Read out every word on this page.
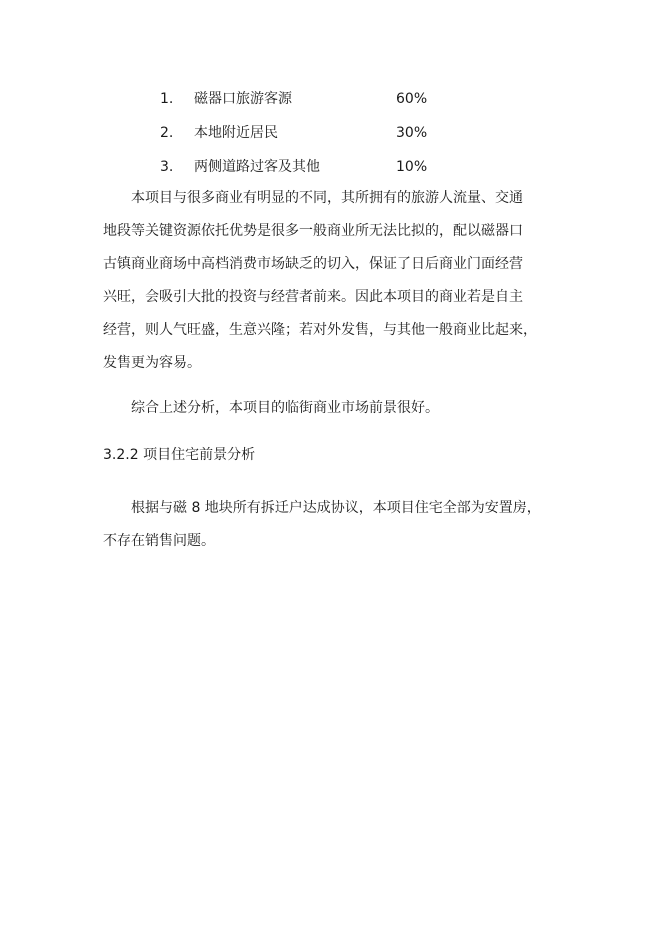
1.	磁器口旅游客源	60%
2.	本地附近居民	30%
3.	两侧道路过客及其他	10%

本项目与很多商业有明显的不同，其所拥有的旅游人流量、交通
地段等关键资源依托优势是很多一般商业所无法比拟的，配以磁器口
古镇商业商场中高档消费市场缺乏的切入，保证了日后商业门面经营
兴旺，会吸引大批的投资与经营者前来。因此本项目的商业若是自主
经营，则人气旺盛，生意兴隆；若对外发售，与其他一般商业比起来，
发售更为容易。

综合上述分析，本项目的临街商业市场前景很好。

3.2.2 项目住宅前景分析

根据与磁 8 地块所有拆迁户达成协议，本项目住宅全部为安置房，
不存在销售问题。
